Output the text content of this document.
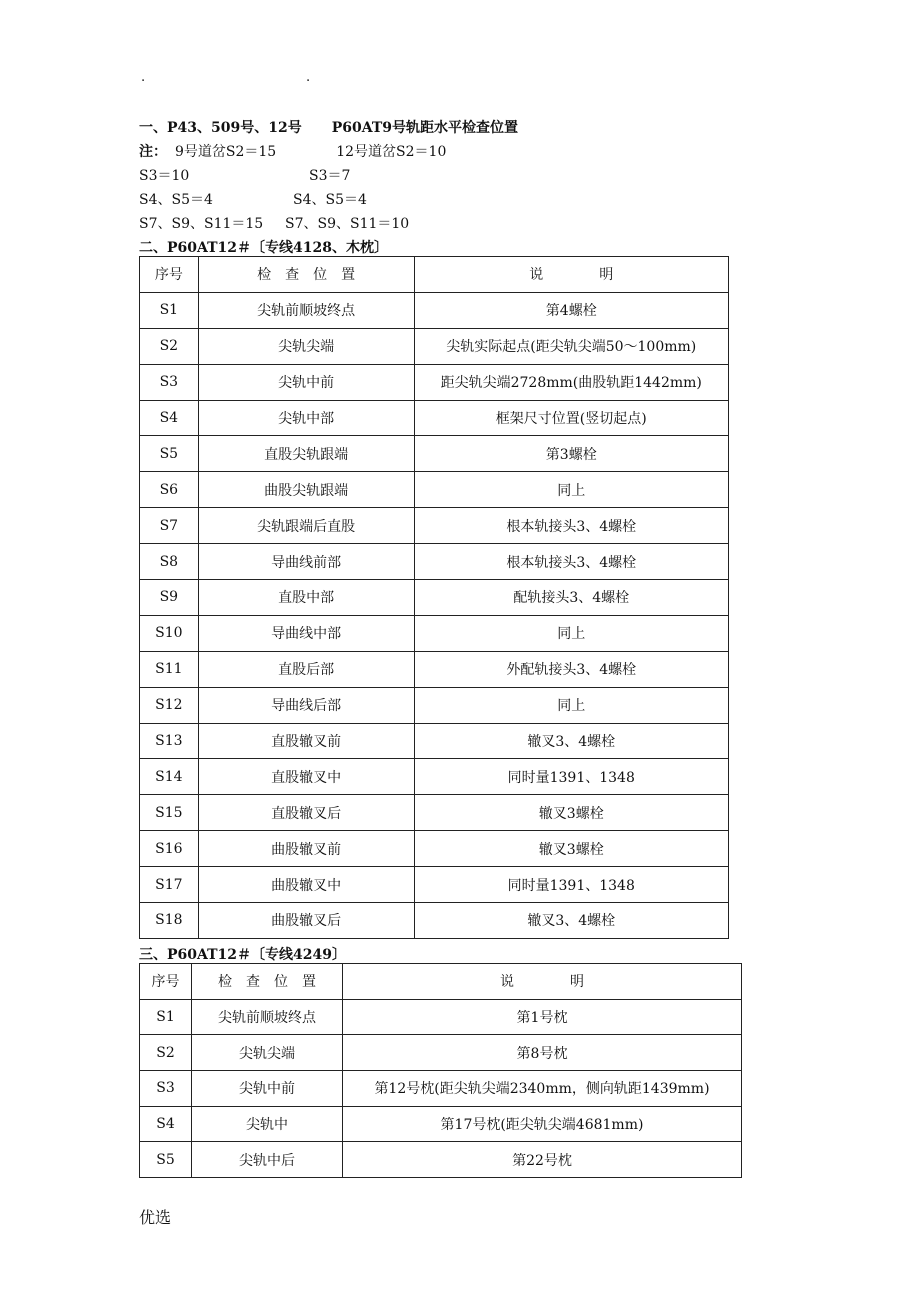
.	.
一、P43、509号、12号 P60AT9号轨距水平检查位置
注： 9号道岔S2＝15	12号道岔S2＝10
S3＝10	S3＝7
S4、S5＝4	S4、S5＝4
S7、S9、S11＝15 S7、S9、S11＝10
二、P60AT12＃〔专线4128、木枕〕
序号	检　查　位　置	说　　　　明
S1	尖轨前顺坡终点	第4螺栓
S2	尖轨尖端	尖轨实际起点(距尖轨尖端50～100mm)
S3	尖轨中前	距尖轨尖端2728mm(曲股轨距1442mm)
S4	尖轨中部	框架尺寸位置(竖切起点)
S5	直股尖轨跟端	第3螺栓
S6	曲股尖轨跟端	同上
S7	尖轨跟端后直股	根本轨接头3、4螺栓
S8	导曲线前部	根本轨接头3、4螺栓
S9	直股中部	配轨接头3、4螺栓
S10	导曲线中部	同上
S11	直股后部	外配轨接头3、4螺栓
S12	导曲线后部	同上
S13	直股辙叉前	辙叉3、4螺栓
S14	直股辙叉中	同时量1391、1348
S15	直股辙叉后	辙叉3螺栓
S16	曲股辙叉前	辙叉3螺栓
S17	曲股辙叉中	同时量1391、1348
S18	曲股辙叉后	辙叉3、4螺栓
三、P60AT12＃〔专线4249〕
序号	检　查　位　置	说　　　　明
S1	尖轨前顺坡终点	第1号枕
S2	尖轨尖端	第8号枕
S3	尖轨中前	第12号枕(距尖轨尖端2340mm，侧向轨距1439mm)
S4	尖轨中	第17号枕(距尖轨尖端4681mm)
S5	尖轨中后	第22号枕
优选
